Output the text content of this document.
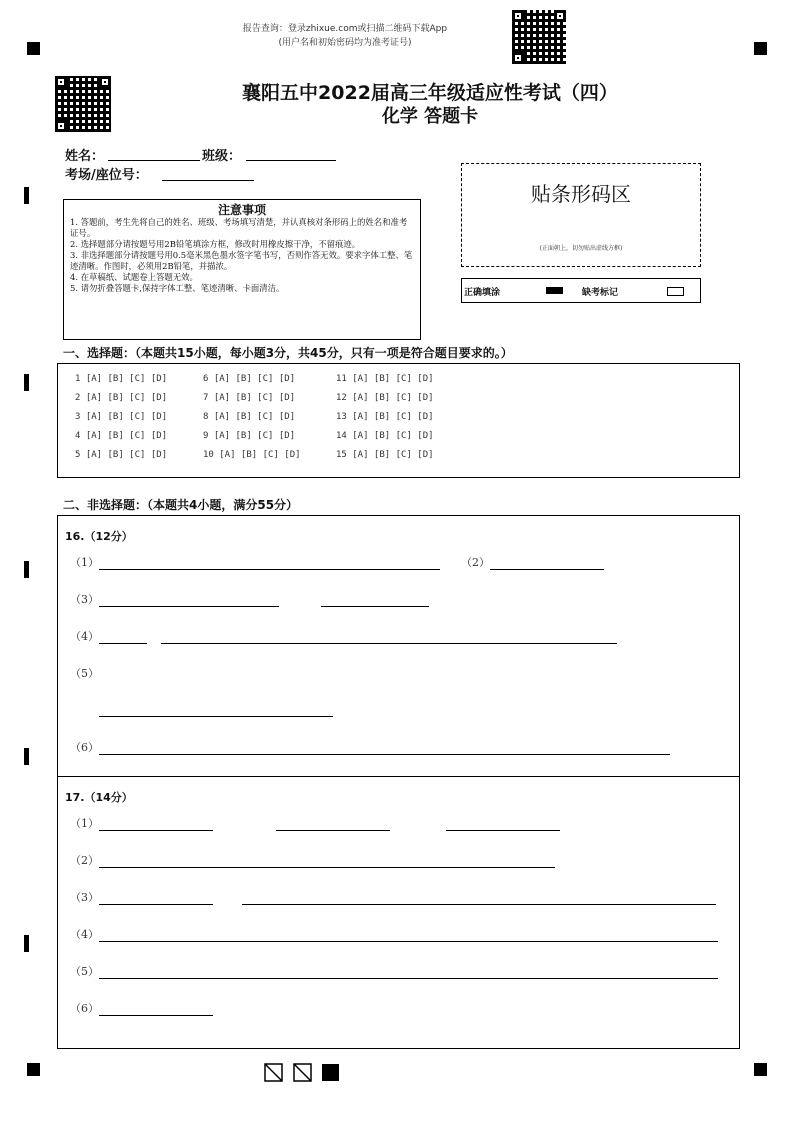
报告查询：登录zhixue.com或扫描二维码下载App
(用户名和初始密码均为准考证号)
襄阳五中2022届高三年级适应性考试（四）
化学 答题卡
姓名：	班级：
考场/座位号：
注意事项

1. 答题前，考生先将自己的姓名、班级、考场填写清楚，并认真核对条形码上的姓名和准考证号。

2. 选择题部分请按题号用2B铅笔填涂方框，修改时用橡皮擦干净，不留痕迹。

3. 非选择题部分请按题号用0.5毫米黑色墨水签字笔书写，否则作答无效。要求字体工整、笔迹清晰。作图时，必须用2B铅笔，并描浓。

4. 在草稿纸、试题卷上答题无效。

5. 请勿折叠答题卡,保持字体工整、笔迹清晰、卡面清洁。

贴条形码区
(正面朝上，切勿贴出虚线方框)
正确填涂	缺考标记
一、选择题：（本题共15小题，每小题3分，共45分，只有一项是符合题目要求的。）
1 [A] [B] [C] [D]	6 [A] [B] [C] [D]	11 [A] [B] [C] [D]
2 [A] [B] [C] [D]	7 [A] [B] [C] [D]	12 [A] [B] [C] [D]
3 [A] [B] [C] [D]	8 [A] [B] [C] [D]	13 [A] [B] [C] [D]
4 [A] [B] [C] [D]	9 [A] [B] [C] [D]	14 [A] [B] [C] [D]
5 [A] [B] [C] [D]	10 [A] [B] [C] [D]	15 [A] [B] [C] [D]
二、非选择题：（本题共4小题，满分55分）
16.（12分）
（1）	（2）
（3）
（4）
（5）
（6）
17.（14分）
（1）
（2）
（3）
（4）
（5）
（6）
